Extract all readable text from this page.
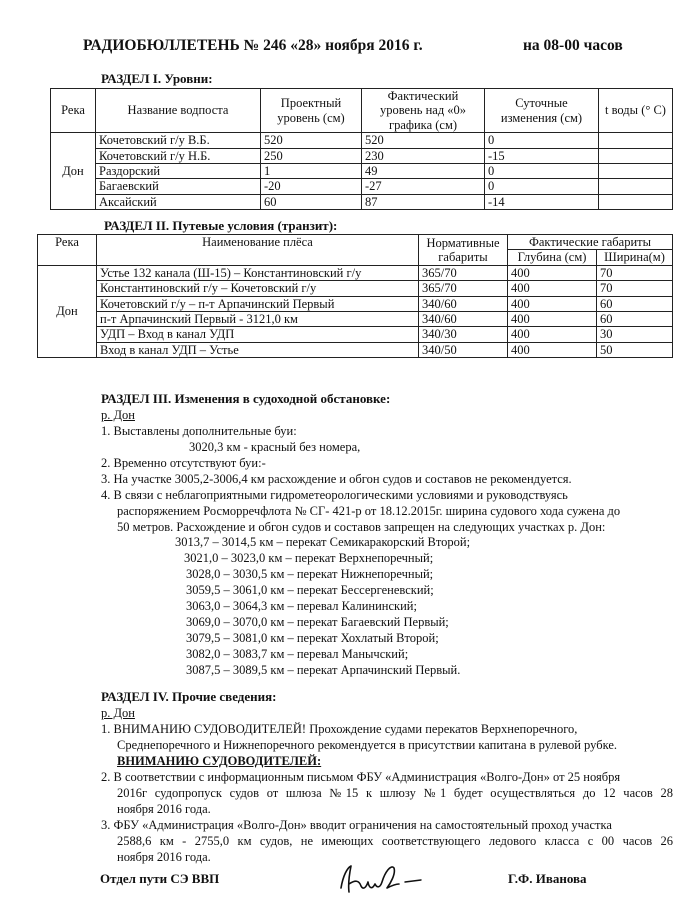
РАДИОБЮЛЛЕТЕНЬ № 246 «28» ноября 2016 г.	на 08-00 часов
РАЗДЕЛ I. Уровни:
Река	Название водпоста	Проектный уровень (см)	Фактический уровень над «0» графика (см)	Суточные изменения (см)	t воды (° С)
Дон	Кочетовский г/у В.Б.	520	520	0	
	Кочетовский г/у Н.Б.	250	230	-15	
	Раздорский	1	49	0	
	Багаевский	-20	-27	0	
	Аксайский	60	87	-14	
РАЗДЕЛ II. Путевые условия (транзит):
Река	Наименование плёса	Нормативные габариты	Фактические габариты	
			Глубина (см)	Ширина(м)
Дон	Устье 132 канала (Ш-15) – Константиновский г/у	365/70	400	70
	Константиновский г/у – Кочетовский г/у	365/70	400	70
	Кочетовский г/у – п-т Арпачинский Первый	340/60	400	60
	п-т Арпачинский Первый - 3121,0 км	340/60	400	60
	УДП – Вход в канал УДП	340/30	400	30
	Вход в канал УДП – Устье	340/50	400	50
РАЗДЕЛ III. Изменения в судоходной обстановке:
р. Дон
1. Выставлены дополнительные буи:
3020,3 км - красный без номера,
2. Временно отсутствуют буи:-
3. На участке 3005,2-3006,4 км расхождение и обгон судов и составов не рекомендуется.
4. В связи с неблагоприятными гидрометеорологическими условиями и руководствуясь
распоряжением Росморречфлота № СГ- 421-р от 18.12.2015г. ширина судового хода сужена до
50 метров. Расхождение и обгон судов и составов запрещен на следующих участках р. Дон:
3013,7 – 3014,5 км – перекат Семикаракорский Второй;
3021,0 – 3023,0 км – перекат Верхнепоречный;
3028,0 – 3030,5 км – перекат Нижнепоречный;
3059,5 – 3061,0 км – перекат Бессергеневский;
3063,0 – 3064,3 км – перевал Калининский;
3069,0 – 3070,0 км – перекат Багаевский Первый;
3079,5 – 3081,0 км – перекат Хохлатый Второй;
3082,0 – 3083,7 км – перевал Манычский;
3087,5 – 3089,5 км – перекат Арпачинский Первый.
РАЗДЕЛ IV. Прочие сведения:
р. Дон
1. ВНИМАНИЮ СУДОВОДИТЕЛЕЙ! Прохождение судами перекатов Верхнепоречного,
Среднепоречного и Нижнепоречного рекомендуется в присутствии капитана в рулевой рубке.
ВНИМАНИЮ СУДОВОДИТЕЛЕЙ:
2. В соответствии с информационным письмом ФБУ «Администрация «Волго-Дон» от 25 ноября
2016г судопропуск судов от шлюза №15 к шлюзу №1 будет осуществляться до 12 часов 28
ноября 2016 года.
3. ФБУ «Администрация «Волго-Дон» вводит ограничения на самостоятельный проход участка
2588,6 км - 2755,0 км судов, не имеющих соответствующего ледового класса с 00 часов 26
ноября 2016 года.
Отдел пути СЭ ВВП	Г.Ф. Иванова
